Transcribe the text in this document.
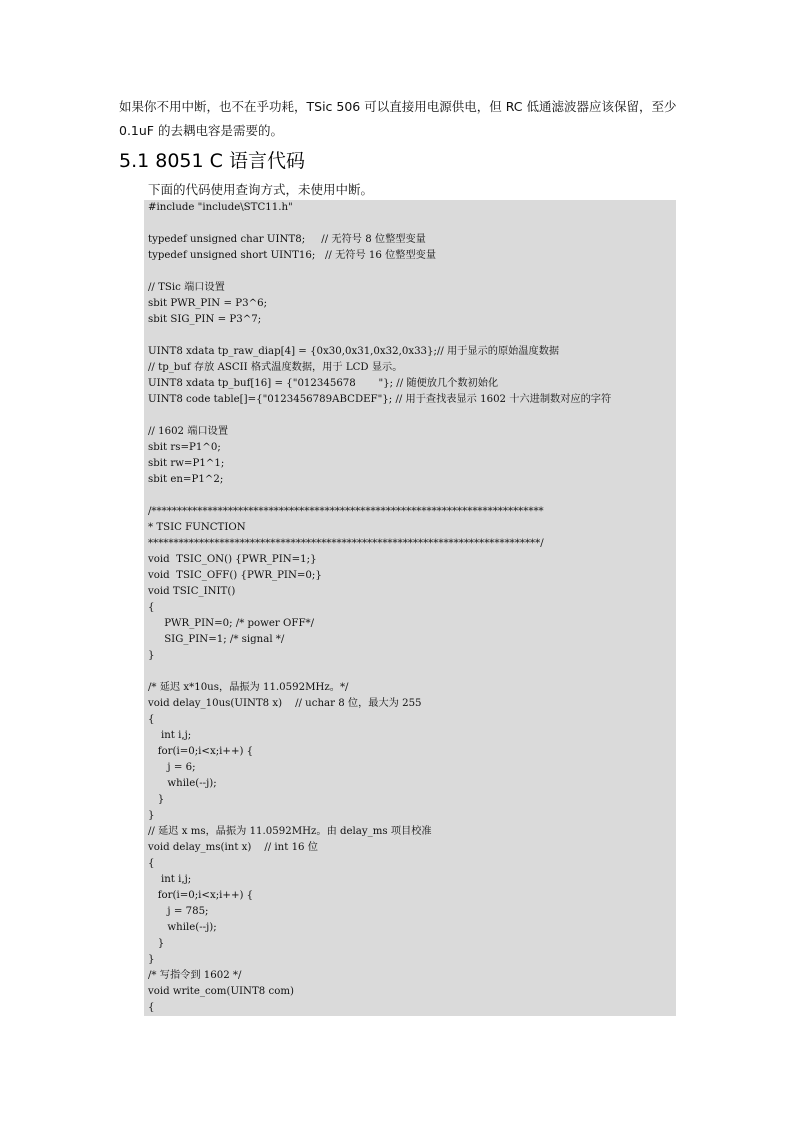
如果你不用中断，也不在乎功耗，TSic 506 可以直接用电源供电，但 RC 低通滤波器应该保留，至少 0.1uF 的去耦电容是需要的。
5.1 8051 C 语言代码
下面的代码使用查询方式，未使用中断。
#include "include\STC11.h"
typedef unsigned char UINT8;     // 无符号 8 位整型变量
typedef unsigned short UINT16;   // 无符号 16 位整型变量
// TSic 端口设置
sbit PWR_PIN = P3^6;
sbit SIG_PIN = P3^7;
UINT8 xdata tp_raw_diap[4] = {0x30,0x31,0x32,0x33};// 用于显示的原始温度数据
// tp_buf 存放 ASCII 格式温度数据，用于 LCD 显示。
UINT8 xdata tp_buf[16] = {"012345678       "}; // 随便放几个数初始化
UINT8 code table[]={"0123456789ABCDEF"}; // 用于查找表显示 1602 十六进制数对应的字符
// 1602 端口设置
sbit rs=P1^0;
sbit rw=P1^1;
sbit en=P1^2;
/*****************************************************************************
* TSIC FUNCTION
*****************************************************************************/
void  TSIC_ON() {PWR_PIN=1;}
void  TSIC_OFF() {PWR_PIN=0;}
void TSIC_INIT()
{
PWR_PIN=0; /* power OFF*/
SIG_PIN=1; /* signal */
}
/* 延迟 x*10us，晶振为 11.0592MHz。*/
void delay_10us(UINT8 x)    // uchar 8 位，最大为 255
{
int i,j;
for(i=0;i<x;i++) {
j = 6;
while(--j);
}
}
// 延迟 x ms，晶振为 11.0592MHz。由 delay_ms 项目校准
void delay_ms(int x)    // int 16 位
{
int i,j;
for(i=0;i<x;i++) {
j = 785;
while(--j);
}
}
/* 写指令到 1602 */
void write_com(UINT8 com)
{
